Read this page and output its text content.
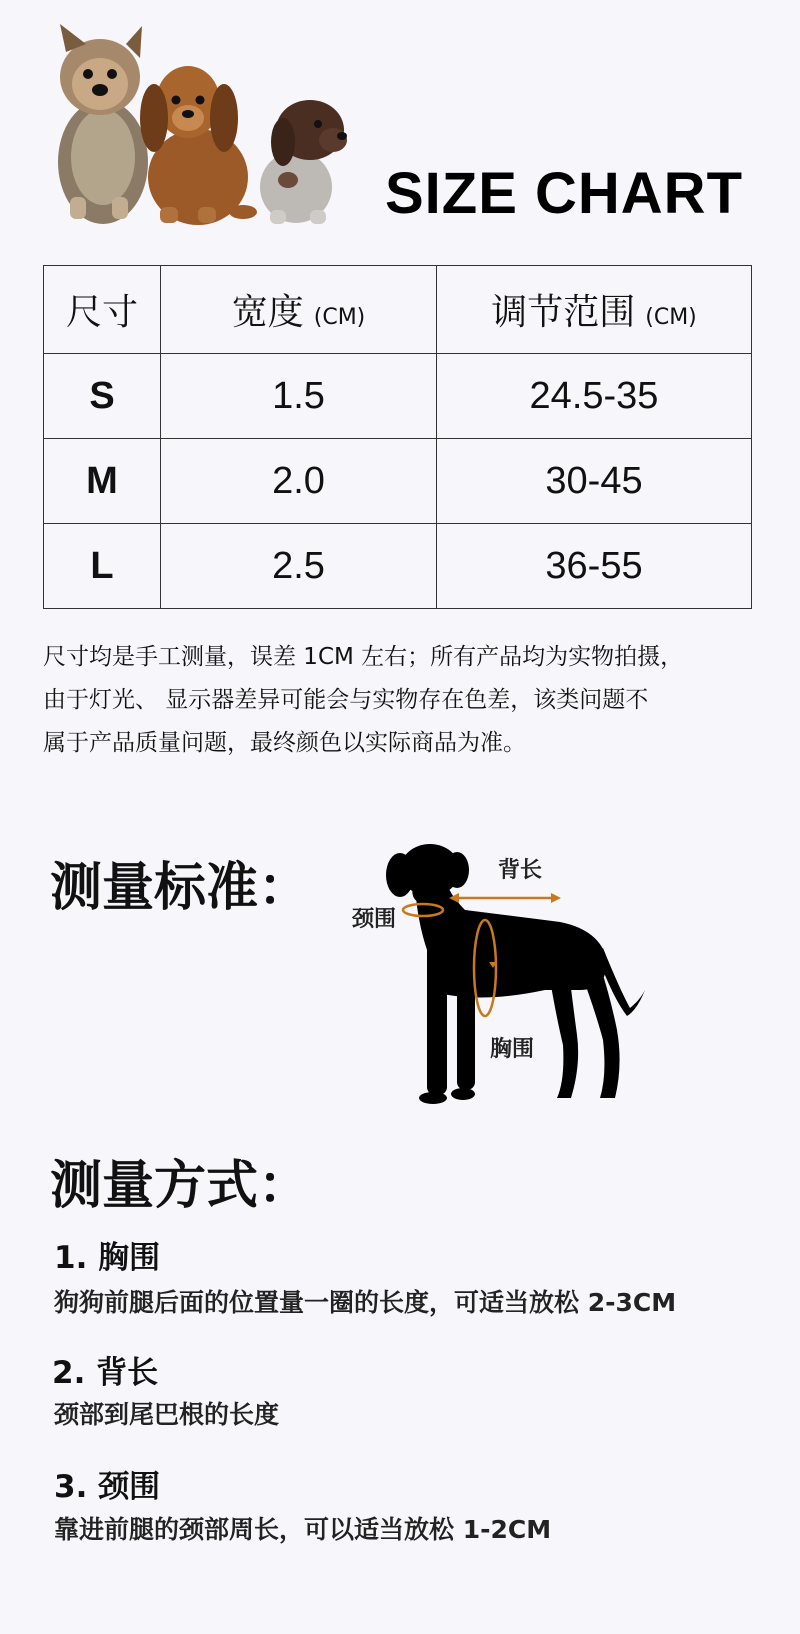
SIZE CHART
尺寸	宽度 (CM)	调节范围 (CM)
S	1.5	24.5-35
M	2.0	30-45
L	2.5	36-55
尺寸均是手工测量，误差 1CM 左右；所有产品均为实物拍摄，
由于灯光、 显示器差异可能会与实物存在色差，该类问题不
属于产品质量问题，最终颜色以实际商品为准。
测量标准：	背长
颈围
胸围
测量方式：
1. 胸围
狗狗前腿后面的位置量一圈的长度，可适当放松 2-3CM
2. 背长
颈部到尾巴根的长度
3. 颈围
靠进前腿的颈部周长，可以适当放松 1-2CM
